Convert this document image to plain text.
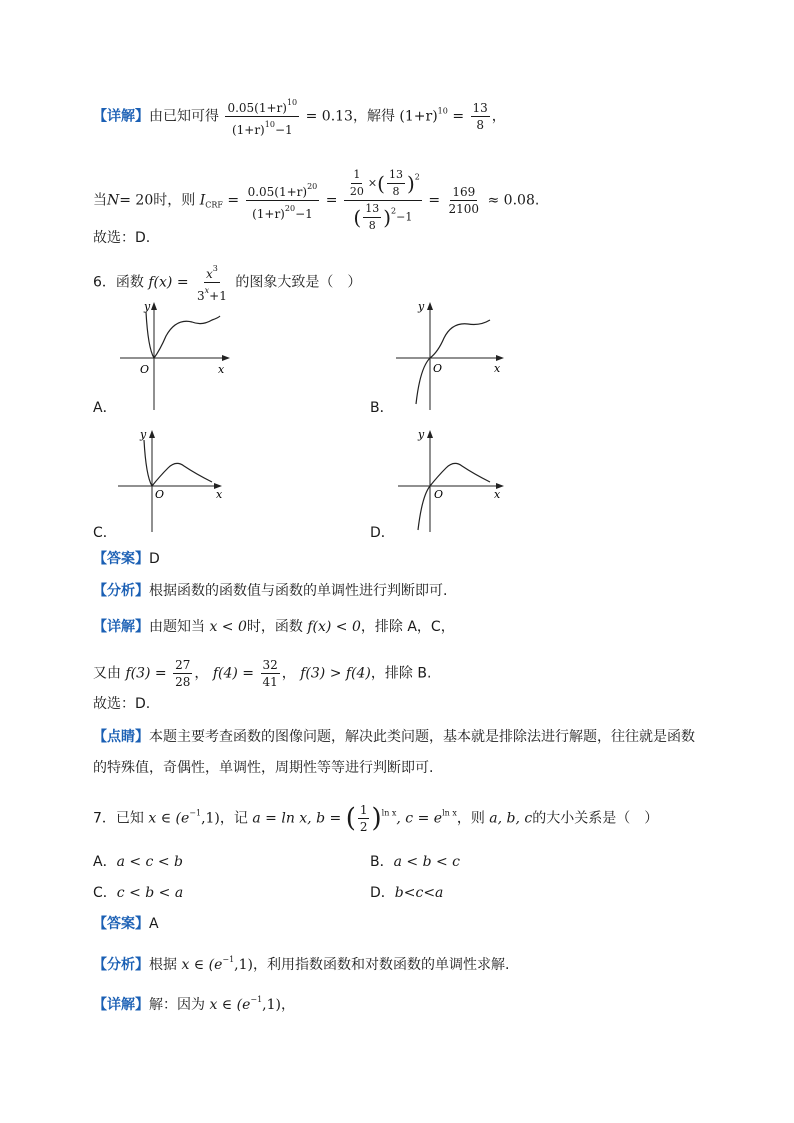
【详解】由已知可得 $\frac{0.05(1+r)^{10}}{(1+r)^{10}-1} = 0.13$，解得 $(1+r)^{10} = \frac{13}{8}$ ，
当N= 20时，则 $I_{CRF} = \frac{0.05(1+r)^{20}}{(1+r)^{20}-1} = \frac{\frac{1}{20} \times( \frac{13}{8} )^2}{( \frac{13}{8} )^2-1} = \frac{169}{2100} \approx 0.08$.
故选：D.
6．函数 $f(x) = \frac{x^3}{3^x+1}$ 的图象大致是（　）
y
x
O
A．
y
x
O
B．
y
x
O
C．
y
x
O
D．
【答案】D
【分析】根据函数的函数值与函数的单调性进行判断即可.
【详解】由题知当 x < 0时，函数 f(x) < 0，排除 A，C，
又由 $f(3) = \frac{27}{28}$ ， $f(4) = \frac{32}{41}$ ， f(3) > f(4)，排除 B.
故选：D.
【点睛】本题主要考查函数的图像问题，解决此类问题，基本就是排除法进行解题，往往就是函数
的特殊值，奇偶性，单调性，周期性等等进行判断即可.
7．已知 x ∈ $(e^{-1},1)$，记 a = ln x, b = ( $\frac{1}{2} )^{ln x}$, $c = e^{ln x}$，则 a, b, c的大小关系是（　）
A．a < c < b	B．a < b < c
C．c < b < a	D．b<c<a
【答案】A
【分析】根据 x ∈ $(e^{-1},1)$，利用指数函数和对数函数的单调性求解.
【详解】解：因为 x ∈ $(e^{-1},1)$，
